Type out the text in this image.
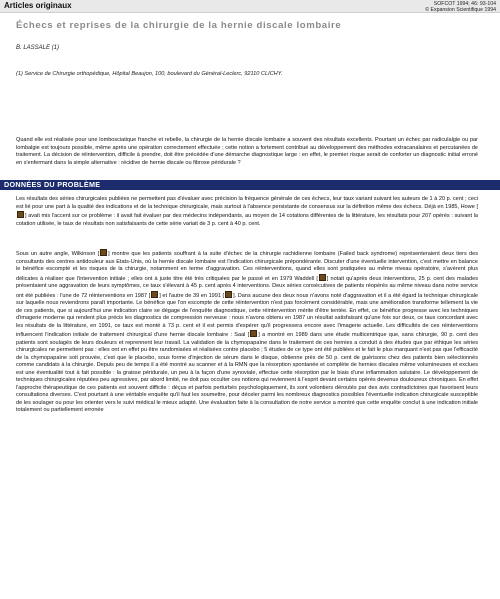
Articles originaux	SOFCOT 1994; 46: 93-104
© Expansion Scientifique 1994
Échecs et reprises de la chirurgie de la hernie discale lombaire

B. LASSALE (1)

(1) Service de Chirurgie orthopédique, Hôpital Beaujon, 100, boulevard du Général-Leclerc, 92110 CLICHY.

Quand elle est réalisée pour une lombosciatique franche et rebelle, la chirurgie de la hernie discale lombaire a souvent des résultats excellents. Pourtant un échec par radiculalgie ou par lombalgie est toujours possible, même après une opération correctement effectuée ; cette notion a fortement contribué au développement des méthodes extracanalaires et percutanées de traitement. La décision de réintervention, difficile à prendre, doit être précédée d'une démarche diagnostique large : en effet, le premier risque serait de conforter un diagnostic initial erroné en s'enfermant dans la simple alternative : récidive de hernie discale ou fibrose péridurale ?

DONNÉES DU PROBLÈME

Les résultats des séries chirurgicales publiées ne permettent pas d'évaluer avec précision la fréquence générale de ces échecs, leur taux variant suivant les auteurs de 1 à 20 p. cent ; ceci est lié pour une part à la qualité des indications et de la technique chirurgicale, mais surtout à l'absence persistante de consensus sur la définition même des échecs. Déjà en 1985, Howe [] avait mis l'accent sur ce problème : il avait fait évaluer par des médecins indépendants, au moyen de 14 cotations différentes de la littérature, les résultats pour 207 opérés : suivant la cotation utilisée, le taux de résultats non satisfaisants de cette série variait de 3 p. cent à 40 p. cent.

Sous un autre angle, Wilkinson [ ] montre que les patients souffrant à la suite d'échec de la chirurgie rachidienne lombaire (Failed back syndrome) représenteraient deux tiers des consultants des centres antidouleur aux Etats-Unis, où la hernie discale lombaire est l'indication chirurgicale prépondérante. Discuter d'une éventuelle intervention, c'est mettre en balance le bénéfice escompté et les risques de la chirurgie, notamment en terme d'aggravation. Ces réinterventions, quand elles sont pratiquées au même niveau opératoire, s'avèrent plus délicates à réaliser que l'intervention initiale ; elles ont à juste titre été très critiquées par le passé et en 1979 Waddell [ ] notait qu'après deux interventions, 25 p. cent des malades présentaient une aggravation de leurs symptômes, ce taux s'élevant à 45 p. cent après 4 interventions. Deux séries consécutives de patients réopérés au même niveau dans notre service ont été publiées : l'une de 72 réinterventions en 1987 [ ] et l'autre de 39 en 1991 [ ]. Dans aucune des deux nous n'avons noté d'aggravation et il a été égard la technique chirurgicale sur laquelle nous reviendrons paraît importante. Le bénéfice que l'on escompte de cette réintervention n'est pas forcément considérable, mais une amélioration transforme tellement la vie de ces patients, que si aujourd'hui une indication claire se dégage de l'enquête diagnostique, cette réintervention mérite d'être tentée. En effet, ce bénéfice progresse avec les techniques d'imagerie moderne qui rendent plus précis les diagnostics de compression nerveuse : nous n'avons obtenu en 1987 un résultat satisfaisant qu'une fois sur deux, ce taux concordant avec les résultats de la littérature, en 1991, ce taux est monté à 73 p. cent et il est permis d'espérer qu'il progressera encore avec l'imagerie actuelle. Les difficultés de ces réinterventions influencent l'indication initiale de traitement chirurgical d'une hernie discale lombaire : Saal [ ] a montré en 1989 dans une étude multicentrique que, sans chirurgie, 90 p. cent des patients sont soulagés de leurs douleurs et reprennent leur travail. La validation de la chymopapaïne dans le traitement de ces hernies a conduit à des études que par éthique les séries chirurgicales ne permettent pas : elles ont en effet pu être randomisées et réalisées contre placebo ; 5 études de ce type ont été publiées et le fait le plus marquant n'est pas que l'efficacité de la chymopapaïne soit prouvée, c'est que le placebo, sous forme d'injection de sérum dans le disque, obtienne près de 50 p. cent de guérisons chez des patients bien sélectionnés comme candidats à la chirurgie. Depuis peu de temps il a été montré au scanner et à la RMN que la résorption spontanée et complète de hernies discales même volumineuses et exclues est une éventualité tout à fait possible : la graisse péridurale, un peu à la façon d'une synoviale, effectue cette résorption par le biais d'une inflammation salutaire. Le développement de techniques chirurgicales réputées peu agressives, par abord limité, ne doit pas occulter ces notions qui reviennent à l'esprit devant certains opérés devenus douloureux chroniques. En effet l'approche thérapeutique de ces patients est souvent difficile : déçus et parfois perturbés psychologiquement, ils sont volontiers déroutés par des avis contradictoires que favorisent leurs consultations diverses. C'est pourtant à une véritable enquête qu'il faut les soumettre, pour déceler parmi les nombreux diagnostics possibles l'éventuelle indication chirurgicale susceptible de les soulager ou pour les orienter vers le suivi médical le mieux adapté. Une évaluation faite à la consultation de notre service a montré que cette enquête conclut à une indication initiale totalement ou partiellement erronée
